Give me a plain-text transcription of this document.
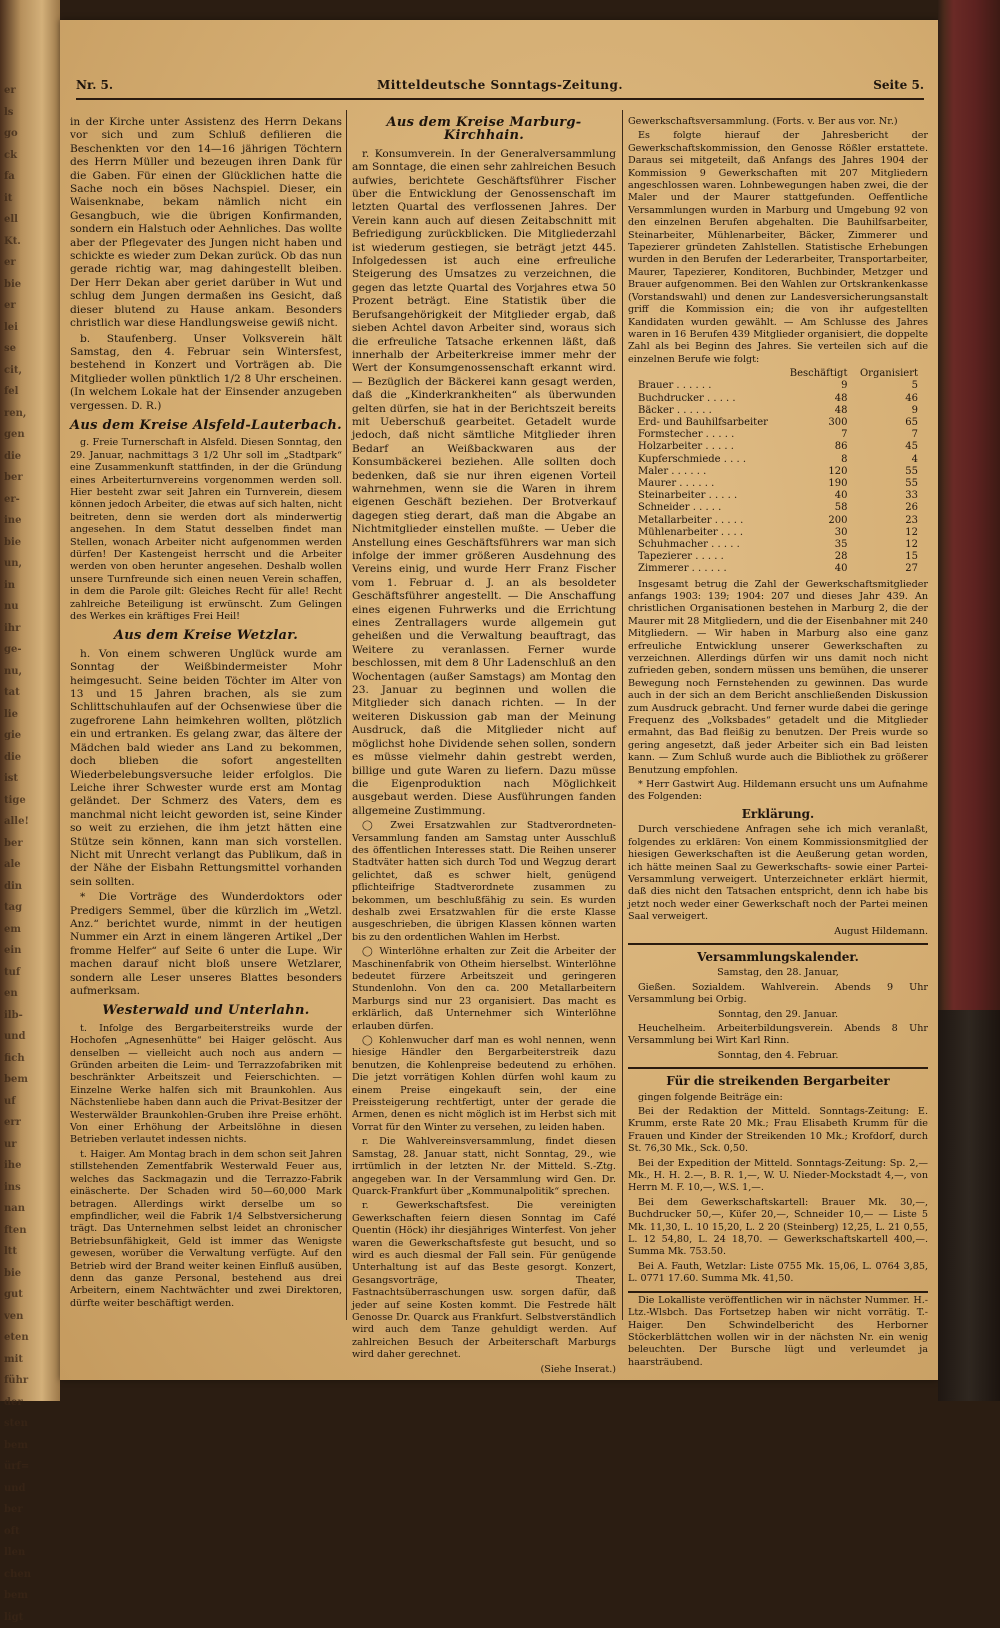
er
ls
go
ck
fa
it
ell
Kt.
er
bie
er
lei
se
cit,
fel
ren,
gen
die
ber
er-
ine
bie
un,
in
nu
ihr
ge-
nu,
tat
lie
gie
die
ist
tige
alle!
ber
ale
din
tag
em
ein
tuf
en
ilb-
und
fich
bem
uf
err
ur
ihe
ins
nan
ften
ltt
bie
gut
ven
eten
mit
führ
der
sten
bem
ürf=
und
ber
oft
llen
chen
bem
ligt
Nr. 5.	Mitteldeutsche Sonntags-Zeitung.	Seite 5.

in der Kirche unter Assistenz des Herrn Dekans vor sich und zum Schluß defilieren die Beschenkten vor den 14—16 jährigen Töchtern des Herrn Müller und bezeugen ihren Dank für die Gaben. Für einen der Glücklichen hatte die Sache noch ein böses Nachspiel. Dieser, ein Waisenknabe, bekam nämlich nicht ein Gesangbuch, wie die übrigen Konfirmanden, sondern ein Halstuch oder Aehnliches. Das wollte aber der Pflegevater des Jungen nicht haben und schickte es wieder zum Dekan zurück. Ob das nun gerade richtig war, mag dahingestellt bleiben. Der Herr Dekan aber geriet darüber in Wut und schlug dem Jungen dermaßen ins Gesicht, daß dieser blutend zu Hause ankam. Besonders christlich war diese Handlungsweise gewiß nicht.

b. Staufenberg. Unser Volksverein hält Samstag, den 4. Februar sein Wintersfest, bestehend in Konzert und Vorträgen ab. Die Mitglieder wollen pünktlich 1/2 8 Uhr erscheinen. (In welchem Lokale hat der Einsender anzugeben vergessen. D. R.)

Aus dem Kreise Alsfeld-Lauterbach.

g. Freie Turnerschaft in Alsfeld. Diesen Sonntag, den 29. Januar, nachmittags 3 1/2 Uhr soll im „Stadtpark“ eine Zusammenkunft stattfinden, in der die Gründung eines Arbeiterturnvereins vorgenommen werden soll. Hier besteht zwar seit Jahren ein Turnverein, diesem können jedoch Arbeiter, die etwas auf sich halten, nicht beitreten, denn sie werden dort als minderwertig angesehen. In dem Statut desselben findet man Stellen, wonach Arbeiter nicht aufgenommen werden dürfen! Der Kastengeist herrscht und die Arbeiter werden von oben herunter angesehen. Deshalb wollen unsere Turnfreunde sich einen neuen Verein schaffen, in dem die Parole gilt: Gleiches Recht für alle! Recht zahlreiche Beteiligung ist erwünscht. Zum Gelingen des Werkes ein kräftiges Frei Heil!

Aus dem Kreise Wetzlar.

h. Von einem schweren Unglück wurde am Sonntag der Weißbindermeister Mohr heimgesucht. Seine beiden Töchter im Alter von 13 und 15 Jahren brachen, als sie zum Schlittschuhlaufen auf der Ochsenwiese über die zugefrorene Lahn heimkehren wollten, plötzlich ein und ertranken. Es gelang zwar, das ältere der Mädchen bald wieder ans Land zu bekommen, doch blieben die sofort angestellten Wiederbelebungsversuche leider erfolglos. Die Leiche ihrer Schwester wurde erst am Montag geländet. Der Schmerz des Vaters, dem es manchmal nicht leicht geworden ist, seine Kinder so weit zu erziehen, die ihm jetzt hätten eine Stütze sein können, kann man sich vorstellen. Nicht mit Unrecht verlangt das Publikum, daß in der Nähe der Eisbahn Rettungsmittel vorhanden sein sollten.

* Die Vorträge des Wunderdoktors oder Predigers Semmel, über die kürzlich im „Wetzl. Anz.“ berichtet wurde, nimmt in der heutigen Nummer ein Arzt in einem längeren Artikel „Der fromme Helfer“ auf Seite 6 unter die Lupe. Wir machen darauf nicht bloß unsere Wetzlarer, sondern alle Leser unseres Blattes besonders aufmerksam.

Westerwald und Unterlahn.

t. Infolge des Bergarbeiterstreiks wurde der Hochofen „Agnesenhütte“ bei Haiger gelöscht. Aus denselben — vielleicht auch noch aus andern — Gründen arbeiten die Leim- und Terrazzofabriken mit beschränkter Arbeitszeit und Feierschichten. — Einzelne Werke halfen sich mit Braunkohlen. Aus Nächstenliebe haben dann auch die Privat-Besitzer der Westerwälder Braunkohlen-Gruben ihre Preise erhöht. Von einer Erhöhung der Arbeitslöhne in diesen Betrieben verlautet indessen nichts.

t. Haiger. Am Montag brach in dem schon seit Jahren stillstehenden Zementfabrik Westerwald Feuer aus, welches das Sackmagazin und die Terrazzo-Fabrik einäscherte. Der Schaden wird 50—60,000 Mark betragen. Allerdings wirkt derselbe um so empfindlicher, weil die Fabrik 1/4 Selbstversicherung trägt. Das Unternehmen selbst leidet an chronischer Betriebsunfähigkeit, Geld ist immer das Wenigste gewesen, worüber die Verwaltung verfügte. Auf den Betrieb wird der Brand weiter keinen Einfluß ausüben, denn das ganze Personal, bestehend aus drei Arbeitern, einem Nachtwächter und zwei Direktoren, dürfte weiter beschäftigt werden.

Aus dem Kreise Marburg-Kirchhain.

r. Konsumverein. In der Generalversammlung am Sonntage, die einen sehr zahlreichen Besuch aufwies, berichtete Geschäftsführer Fischer über die Entwicklung der Genossenschaft im letzten Quartal des verflossenen Jahres. Der Verein kann auch auf diesen Zeitabschnitt mit Befriedigung zurückblicken. Die Mitgliederzahl ist wiederum gestiegen, sie beträgt jetzt 445. Infolgedessen ist auch eine erfreuliche Steigerung des Umsatzes zu verzeichnen, die gegen das letzte Quartal des Vorjahres etwa 50 Prozent beträgt. Eine Statistik über die Berufsangehörigkeit der Mitglieder ergab, daß sieben Achtel davon Arbeiter sind, woraus sich die erfreuliche Tatsache erkennen läßt, daß innerhalb der Arbeiterkreise immer mehr der Wert der Konsumgenossenschaft erkannt wird. — Bezüglich der Bäckerei kann gesagt werden, daß die „Kinderkrankheiten“ als überwunden gelten dürfen, sie hat in der Berichtszeit bereits mit Ueberschuß gearbeitet. Getadelt wurde jedoch, daß nicht sämtliche Mitglieder ihren Bedarf an Weißbackwaren aus der Konsumbäckerei beziehen. Alle sollten doch bedenken, daß sie nur ihren eigenen Vorteil wahrnehmen, wenn sie die Waren in ihrem eigenen Geschäft beziehen. Der Brotverkauf dagegen stieg derart, daß man die Abgabe an Nichtmitglieder einstellen mußte. — Ueber die Anstellung eines Geschäftsführers war man sich infolge der immer größeren Ausdehnung des Vereins einig, und wurde Herr Franz Fischer vom 1. Februar d. J. an als besoldeter Geschäftsführer angestellt. — Die Anschaffung eines eigenen Fuhrwerks und die Errichtung eines Zentrallagers wurde allgemein gut geheißen und die Verwaltung beauftragt, das Weitere zu veranlassen. Ferner wurde beschlossen, mit dem 8 Uhr Ladenschluß an den Wochentagen (außer Samstags) am Montag den 23. Januar zu beginnen und wollen die Mitglieder sich danach richten. — In der weiteren Diskussion gab man der Meinung Ausdruck, daß die Mitglieder nicht auf möglichst hohe Dividende sehen sollen, sondern es müsse vielmehr dahin gestrebt werden, billige und gute Waren zu liefern. Dazu müsse die Eigenproduktion nach Möglichkeit ausgebaut werden. Diese Ausführungen fanden allgemeine Zustimmung.

◯ Zwei Ersatzwahlen zur Stadtverordneten-Versammlung fanden am Samstag unter Ausschluß des öffentlichen Interesses statt. Die Reihen unserer Stadtväter hatten sich durch Tod und Wegzug derart gelichtet, daß es schwer hielt, genügend pflichteifrige Stadtverordnete zusammen zu bekommen, um beschlußfähig zu sein. Es wurden deshalb zwei Ersatzwahlen für die erste Klasse ausgeschrieben, die übrigen Klassen können warten bis zu den ordentlichen Wahlen im Herbst.

◯ Winterlöhne erhalten zur Zeit die Arbeiter der Maschinenfabrik von Otheim hierselbst. Winterlöhne bedeutet fürzere Arbeitszeit und geringeren Stundenlohn. Von den ca. 200 Metallarbeitern Marburgs sind nur 23 organisiert. Das macht es erklärlich, daß Unternehmer sich Winterlöhne erlauben dürfen.

◯ Kohlenwucher darf man es wohl nennen, wenn hiesige Händler den Bergarbeiterstreik dazu benutzen, die Kohlenpreise bedeutend zu erhöhen. Die jetzt vorrätigen Kohlen dürfen wohl kaum zu einem Preise eingekauft sein, der eine Preissteigerung rechtfertigt, unter der gerade die Armen, denen es nicht möglich ist im Herbst sich mit Vorrat für den Winter zu versehen, zu leiden haben.

r. Die Wahlvereinsversammlung, findet diesen Samstag, 28. Januar statt, nicht Sonntag, 29., wie irrtümlich in der letzten Nr. der Mitteld. S.-Ztg. angegeben war. In der Versammlung wird Gen. Dr. Quarck-Frankfurt über „Kommunalpolitik“ sprechen.

r. Gewerkschaftsfest. Die vereinigten Gewerkschaften feiern diesen Sonntag im Café Quentin (Höck) ihr diesjähriges Winterfest. Von jeher waren die Gewerkschaftsfeste gut besucht, und so wird es auch diesmal der Fall sein. Für genügende Unterhaltung ist auf das Beste gesorgt. Konzert, Gesangsvorträge, Theater, Fastnachtsüberraschungen usw. sorgen dafür, daß jeder auf seine Kosten kommt. Die Festrede hält Genosse Dr. Quarck aus Frankfurt. Selbstverständlich wird auch dem Tanze gehuldigt werden. Auf zahlreichen Besuch der Arbeiterschaft Marburgs wird daher gerechnet.

(Siehe Inserat.)

Gewerkschaftsversammlung. (Forts. v. Ber aus vor. Nr.)

Es folgte hierauf der Jahresbericht der Gewerkschaftskommission, den Genosse Rößler erstattete. Daraus sei mitgeteilt, daß Anfangs des Jahres 1904 der Kommission 9 Gewerkschaften mit 207 Mitgliedern angeschlossen waren. Lohnbewegungen haben zwei, die der Maler und der Maurer stattgefunden. Oeffentliche Versammlungen wurden in Marburg und Umgebung 92 von den einzelnen Berufen abgehalten. Die Bauhilfsarbeiter, Steinarbeiter, Mühlenarbeiter, Bäcker, Zimmerer und Tapezierer gründeten Zahlstellen. Statistische Erhebungen wurden in den Berufen der Lederarbeiter, Transportarbeiter, Maurer, Tapezierer, Konditoren, Buchbinder, Metzger und Brauer aufgenommen. Bei den Wahlen zur Ortskrankenkasse (Vorstandswahl) und denen zur Landesversicherungsanstalt griff die Kommission ein; die von ihr aufgestellten Kandidaten wurden gewählt. — Am Schlusse des Jahres waren in 16 Berufen 439 Mitglieder organisiert, die doppelte Zahl als bei Beginn des Jahres. Sie verteilen sich auf die einzelnen Berufe wie folgt:

	Beschäftigt	Organisiert
Brauer . . . . . .	9	5
Buchdrucker . . . . .	48	46
Bäcker . . . . . .	48	9
Erd- und Bauhilfsarbeiter	300	65
Formstecher . . . . .	7	7
Holzarbeiter . . . . .	86	45
Kupferschmiede . . . .	8	4
Maler . . . . . .	120	55
Maurer . . . . . .	190	55
Steinarbeiter . . . . .	40	33
Schneider . . . . .	58	26
Metallarbeiter . . . . .	200	23
Mühlenarbeiter . . . .	30	12
Schuhmacher . . . . .	35	12
Tapezierer . . . . .	28	15
Zimmerer . . . . . .	40	27

Insgesamt betrug die Zahl der Gewerkschaftsmitglieder anfangs 1903: 139; 1904: 207 und dieses Jahr 439. An christlichen Organisationen bestehen in Marburg 2, die der Maurer mit 28 Mitgliedern, und die der Eisenbahner mit 240 Mitgliedern. — Wir haben in Marburg also eine ganz erfreuliche Entwicklung unserer Gewerkschaften zu verzeichnen. Allerdings dürfen wir uns damit noch nicht zufrieden geben, sondern müssen uns bemühen, die unserer Bewegung noch Fernstehenden zu gewinnen. Das wurde auch in der sich an dem Bericht anschließenden Diskussion zum Ausdruck gebracht. Und ferner wurde dabei die geringe Frequenz des „Volksbades“ getadelt und die Mitglieder ermahnt, das Bad fleißig zu benutzen. Der Preis wurde so gering angesetzt, daß jeder Arbeiter sich ein Bad leisten kann. — Zum Schluß wurde auch die Bibliothek zu größerer Benutzung empfohlen.

* Herr Gastwirt Aug. Hildemann ersucht uns um Aufnahme des Folgenden:

Erklärung.

Durch verschiedene Anfragen sehe ich mich veranlaßt, folgendes zu erklären: Von einem Kommissionsmitglied der hiesigen Gewerkschaften ist die Aeußerung getan worden, ich hätte meinen Saal zu Gewerkschafts- sowie einer Partei-Versammlung verweigert. Unterzeichneter erklärt hiermit, daß dies nicht den Tatsachen entspricht, denn ich habe bis jetzt noch weder einer Gewerkschaft noch der Partei meinen Saal verweigert.

August Hildemann.

Versammlungskalender.

Samstag, den 28. Januar,

Gießen. Sozialdem. Wahlverein. Abends 9 Uhr Versammlung bei Orbig.

Sonntag, den 29. Januar.

Heuchelheim. Arbeiterbildungsverein. Abends 8 Uhr Versammlung bei Wirt Karl Rinn.

Sonntag, den 4. Februar.

Für die streikenden Bergarbeiter

gingen folgende Beiträge ein:

Bei der Redaktion der Mitteld. Sonntags-Zeitung: E. Krumm, erste Rate 20 Mk.; Frau Elisabeth Krumm für die Frauen und Kinder der Streikenden 10 Mk.; Krofdorf, durch St. 76,30 Mk., Sck. 0,50.

Bei der Expedition der Mitteld. Sonntags-Zeitung: Sp. 2,— Mk., H. H. 2.—, B. R. 1,—, W. U. Nieder-Mockstadt 4,—, von Herrn M. F. 10,—, W.S. 1,—.

Bei dem Gewerkschaftskartell: Brauer Mk. 30,—, Buchdrucker 50,—, Küfer 20,—, Schneider 10,— — Liste 5 Mk. 11,30, L. 10 15,20, L. 2 20 (Steinberg) 12,25, L. 21 0,55, L. 12 54,80, L. 24 18,70. — Gewerkschaftskartell 400,—. Summa Mk. 753.50.

Bei A. Fauth, Wetzlar: Liste 0755 Mk. 15,06, L. 0764 3,85, L. 0771 17.60. Summa Mk. 41,50.

Die Lokalliste veröffentlichen wir in nächster Nummer. H.-Ltz.-Wlsbch. Das Fortsetzep haben wir nicht vorrätig. T.-Haiger. Den Schwindelbericht des Herborner Stöckerblättchen wollen wir in der nächsten Nr. ein wenig beleuchten. Der Bursche lügt und verleumdet ja haarsträubend.
